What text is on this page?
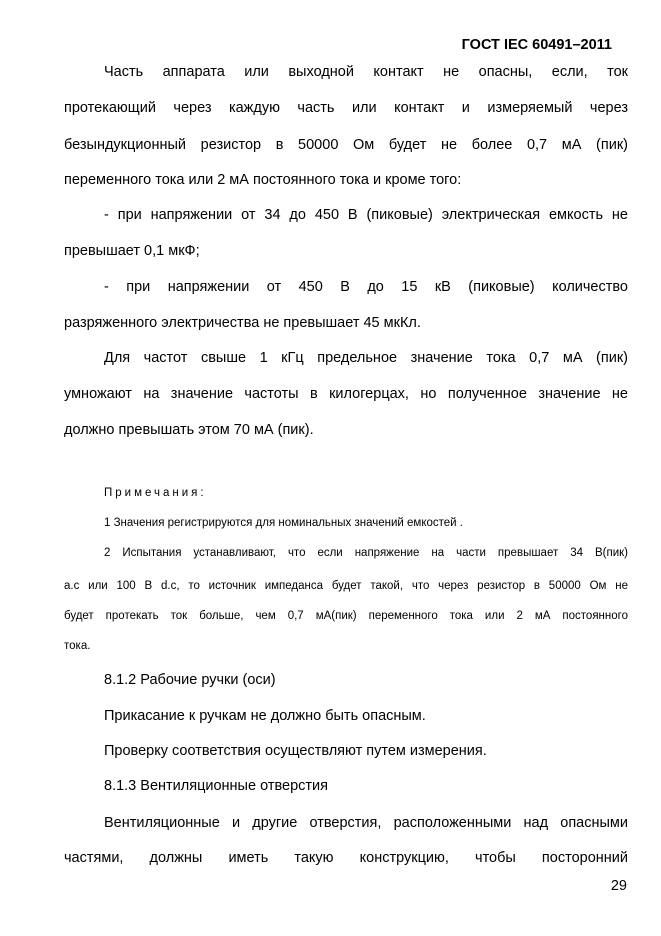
ГОСТ IEC 60491–2011
Часть аппарата или выходной контакт не опасны, если, ток
протекающий через каждую часть или контакт и измеряемый через
безындукционный резистор в 50000 Ом будет не более 0,7 мА (пик)
переменного тока или 2 мА постоянного тока и кроме того:
- при напряжении от 34 до 450 В (пиковые) электрическая емкость не
превышает 0,1 мкФ;
- при напряжении от 450 В до 15 кВ (пиковые) количество
разряженного электричества не превышает 45 мкКл.
Для частот свыше 1 кГц предельное значение тока 0,7 мА (пик)
умножают на значение частоты в килогерцах, но полученное значение не
должно превышать этом 70 мА (пик).
Примечания:
1 Значения регистрируются для номинальных значений емкостей .
2 Испытания устанавливают, что если напряжение на части превышает 34 В(пик)
a.c или 100 В d.c, то источник импеданса будет такой, что через резистор в 50000 Ом не
будет протекать ток больше, чем 0,7 мА(пик) переменного тока или 2 мА постоянного
тока.
8.1.2 Рабочие ручки (оси)
Прикасание к ручкам не должно быть опасным.
Проверку соответствия осуществляют путем измерения.
8.1.3 Вентиляционные отверстия
Вентиляционные и другие отверстия, расположенными над опасными
частями, должны иметь такую конструкцию, чтобы посторонний
29
